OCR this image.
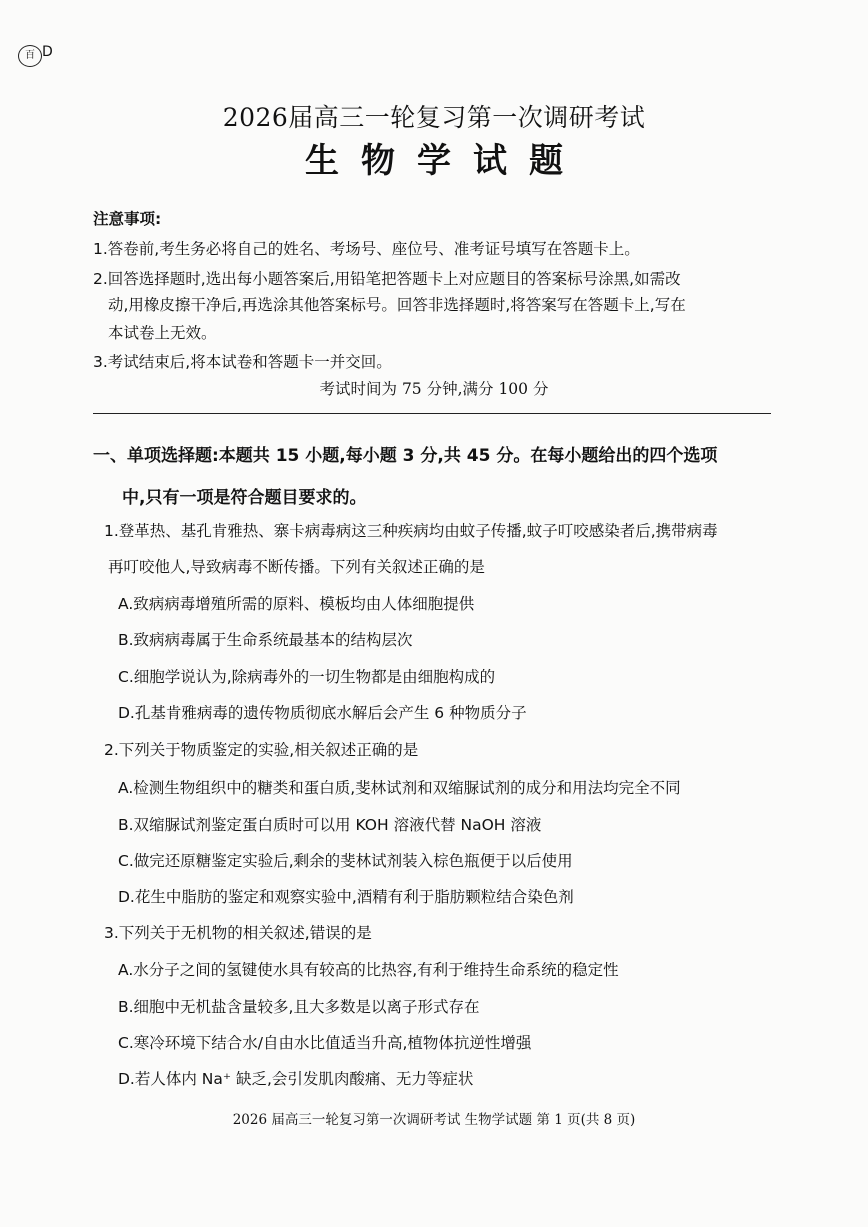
百 D
2026届高三一轮复习第一次调研考试
生物学试题
注意事项:
1.答卷前,考生务必将自己的姓名、考场号、座位号、准考证号填写在答题卡上。
2.回答选择题时,选出每小题答案后,用铅笔把答题卡上对应题目的答案标号涂黑,如需改
动,用橡皮擦干净后,再选涂其他答案标号。回答非选择题时,将答案写在答题卡上,写在
本试卷上无效。
3.考试结束后,将本试卷和答题卡一并交回。
考试时间为 75 分钟,满分 100 分
一、单项选择题:本题共 15 小题,每小题 3 分,共 45 分。在每小题给出的四个选项
中,只有一项是符合题目要求的。
1.登革热、基孔肯雅热、寨卡病毒病这三种疾病均由蚊子传播,蚊子叮咬感染者后,携带病毒
再叮咬他人,导致病毒不断传播。下列有关叙述正确的是
A.致病病毒增殖所需的原料、模板均由人体细胞提供
B.致病病毒属于生命系统最基本的结构层次
C.细胞学说认为,除病毒外的一切生物都是由细胞构成的
D.孔基肯雅病毒的遗传物质彻底水解后会产生 6 种物质分子
2.下列关于物质鉴定的实验,相关叙述正确的是
A.检测生物组织中的糖类和蛋白质,斐林试剂和双缩脲试剂的成分和用法均完全不同
B.双缩脲试剂鉴定蛋白质时可以用 KOH 溶液代替 NaOH 溶液
C.做完还原糖鉴定实验后,剩余的斐林试剂装入棕色瓶便于以后使用
D.花生中脂肪的鉴定和观察实验中,酒精有利于脂肪颗粒结合染色剂
3.下列关于无机物的相关叙述,错误的是
A.水分子之间的氢键使水具有较高的比热容,有利于维持生命系统的稳定性
B.细胞中无机盐含量较多,且大多数是以离子形式存在
C.寒冷环境下结合水/自由水比值适当升高,植物体抗逆性增强
D.若人体内 Na⁺ 缺乏,会引发肌肉酸痛、无力等症状
2026 届高三一轮复习第一次调研考试 生物学试题 第 1 页(共 8 页)
